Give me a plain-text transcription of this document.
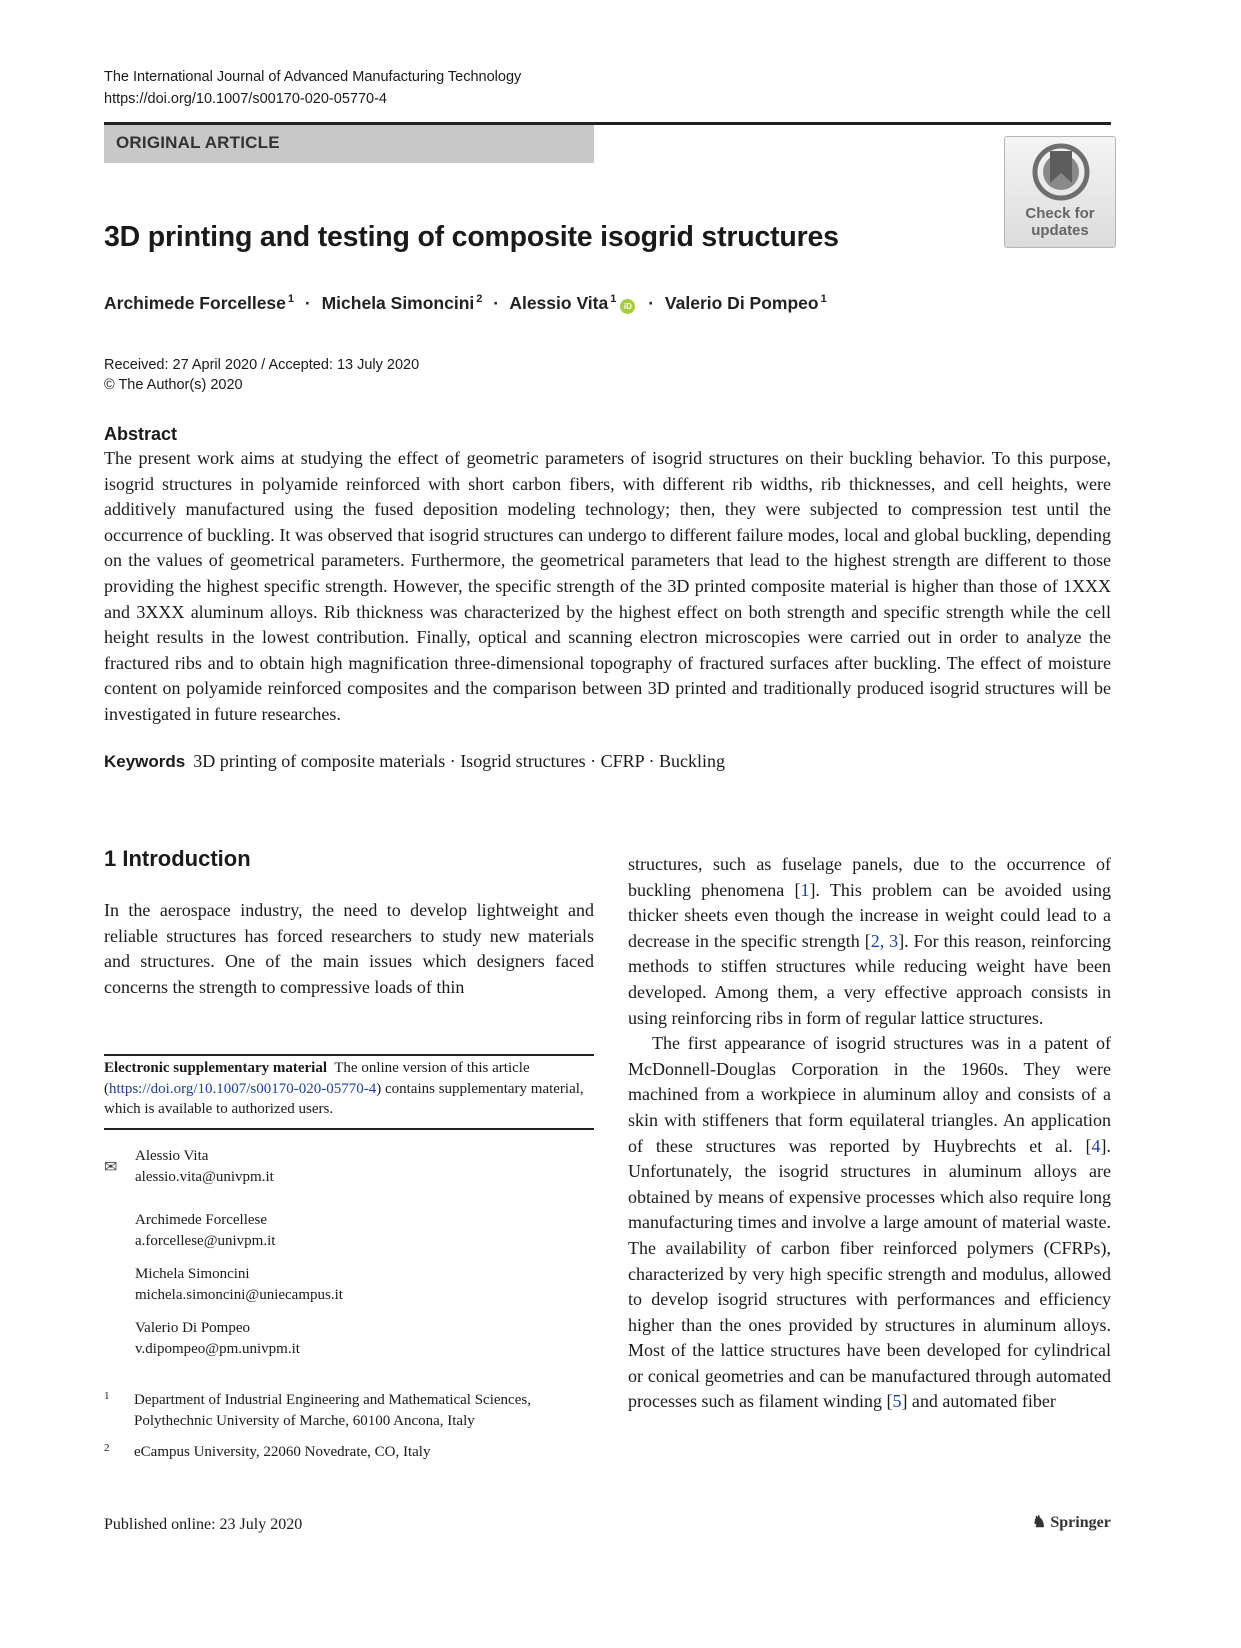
The International Journal of Advanced Manufacturing Technology
https://doi.org/10.1007/s00170-020-05770-4
ORIGINAL ARTICLE
Check for
updates
3D printing and testing of composite isogrid structures
Archimede Forcellese $^1$ · Michela Simoncini $^2$ · Alessio Vita $^1$iD · Valerio Di Pompeo $^1$
Received: 27 April 2020 / Accepted: 13 July 2020
© The Author(s) 2020
Abstract
The present work aims at studying the effect of geometric parameters of isogrid structures on their buckling behavior. To this purpose, isogrid structures in polyamide reinforced with short carbon fibers, with different rib widths, rib thicknesses, and cell heights, were additively manufactured using the fused deposition modeling technology; then, they were subjected to compression test until the occurrence of buckling. It was observed that isogrid structures can undergo to different failure modes, local and global buckling, depending on the values of geometrical parameters. Furthermore, the geometrical parameters that lead to the highest strength are different to those providing the highest specific strength. However, the specific strength of the 3D printed composite material is higher than those of 1XXX and 3XXX aluminum alloys. Rib thickness was characterized by the highest effect on both strength and specific strength while the cell height results in the lowest contribution. Finally, optical and scanning electron microscopies were carried out in order to analyze the fractured ribs and to obtain high magnification three-dimensional topography of fractured surfaces after buckling. The effect of moisture content on polyamide reinforced composites and the comparison between 3D printed and traditionally produced isogrid structures will be investigated in future researches.
Keywords 3D printing of composite materials · Isogrid structures · CFRP · Buckling
1 Introduction
In the aerospace industry, the need to develop lightweight and reliable structures has forced researchers to study new materials and structures. One of the main issues which designers faced concerns the strength to compressive loads of thin
Electronic supplementary material The online version of this article (https://doi.org/10.1007/s00170-020-05770-4) contains supplementary material, which is available to authorized users.
✉
Alessio Vita
alessio.vita@univpm.it
Archimede Forcellese
a.forcellese@univpm.it
Michela Simoncini
michela.simoncini@uniecampus.it
Valerio Di Pompeo
v.dipompeo@pm.univpm.it
1 Department of Industrial Engineering and Mathematical Sciences, Polythechnic University of Marche, 60100 Ancona, Italy
2 eCampus University, 22060 Novedrate, CO, Italy

structures, such as fuselage panels, due to the occurrence of buckling phenomena [1]. This problem can be avoided using thicker sheets even though the increase in weight could lead to a decrease in the specific strength [2, 3]. For this reason, reinforcing methods to stiffen structures while reducing weight have been developed. Among them, a very effective approach consists in using reinforcing ribs in form of regular lattice structures.

The first appearance of isogrid structures was in a patent of McDonnell-Douglas Corporation in the 1960s. They were machined from a workpiece in aluminum alloy and consists of a skin with stiffeners that form equilateral triangles. An application of these structures was reported by Huybrechts et al. [4]. Unfortunately, the isogrid structures in aluminum alloys are obtained by means of expensive processes which also require long manufacturing times and involve a large amount of material waste. The availability of carbon fiber reinforced polymers (CFRPs), characterized by very high specific strength and modulus, allowed to develop isogrid structures with performances and efficiency higher than the ones provided by structures in aluminum alloys. Most of the lattice structures have been developed for cylindrical or conical geometries and can be manufactured through automated processes such as filament winding [5] and automated fiber

Published online: 23 July 2020	♞ Springer
